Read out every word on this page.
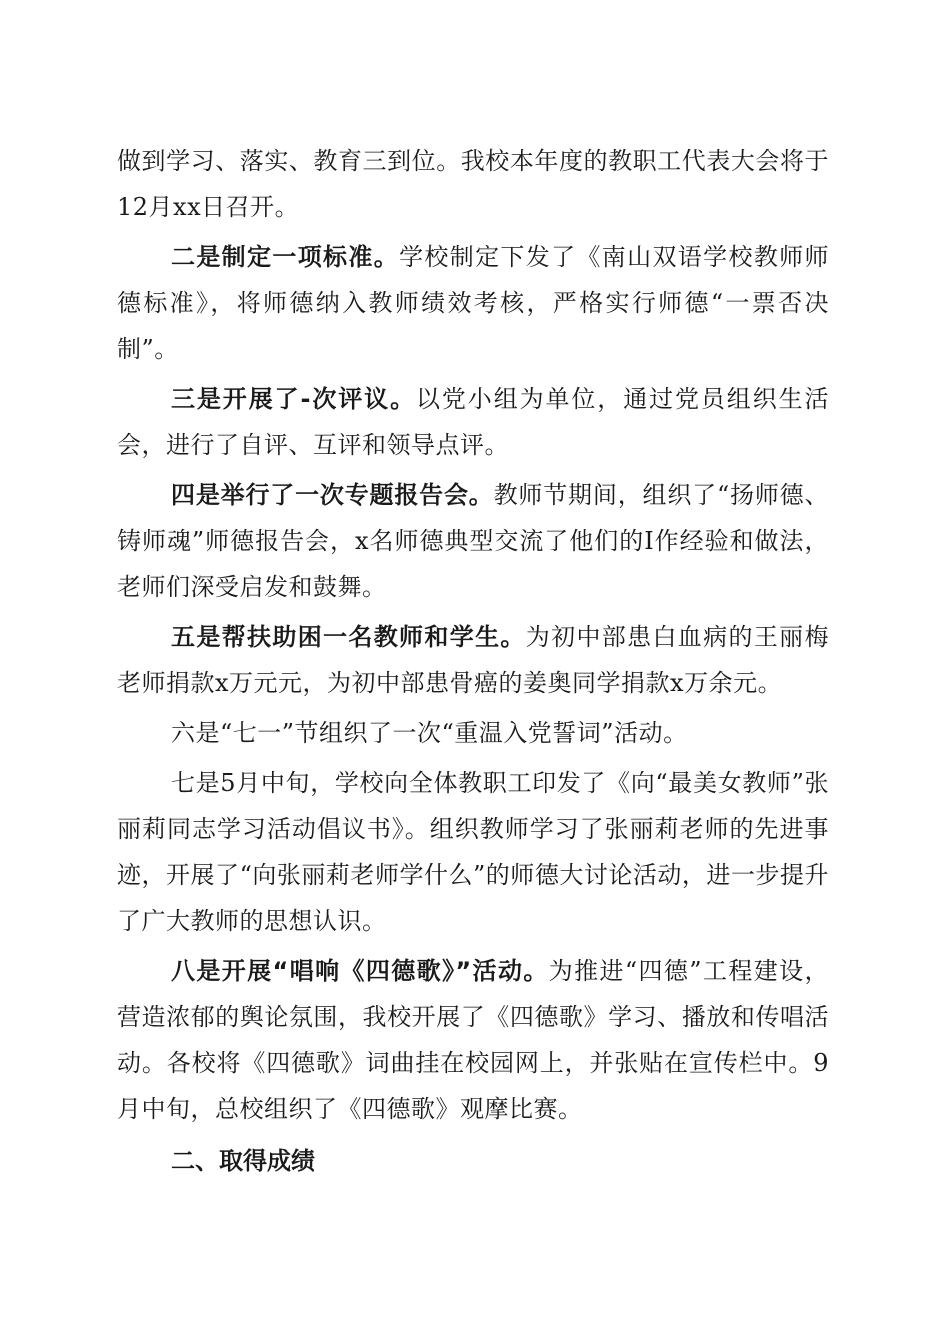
做到学习、落实、教育三到位。我校本年度的教职工代表大会将于12月xx日召开。

二是制定一项标准。学校制定下发了《南山双语学校教师师德标准》，将师德纳入教师绩效考核，严格实行师德“一票否决制”。

三是开展了-次评议。以党小组为单位，通过党员组织生活会，进行了自评、互评和领导点评。

四是举行了一次专题报告会。教师节期间，组织了“扬师德、铸师魂”师德报告会，x名师德典型交流了他们的I作经验和做法，老师们深受启发和鼓舞。

五是帮扶助困一名教师和学生。为初中部患白血病的王丽梅老师捐款x万元元，为初中部患骨癌的姜奥同学捐款x万余元。

六是“七一”节组织了一次“重温入党誓词”活动。

七是5月中旬，学校向全体教职工印发了《向“最美女教师”张丽莉同志学习活动倡议书》。组织教师学习了张丽莉老师的先进事迹，开展了“向张丽莉老师学什么”的师德大讨论活动，进一步提升了广大教师的思想认识。

八是开展“唱响《四德歌》”活动。为推进“四德”工程建设，营造浓郁的舆论氛围，我校开展了《四德歌》学习、播放和传唱活动。各校将《四德歌》词曲挂在校园网上，并张贴在宣传栏中。9月中旬，总校组织了《四德歌》观摩比赛。

二、取得成绩
